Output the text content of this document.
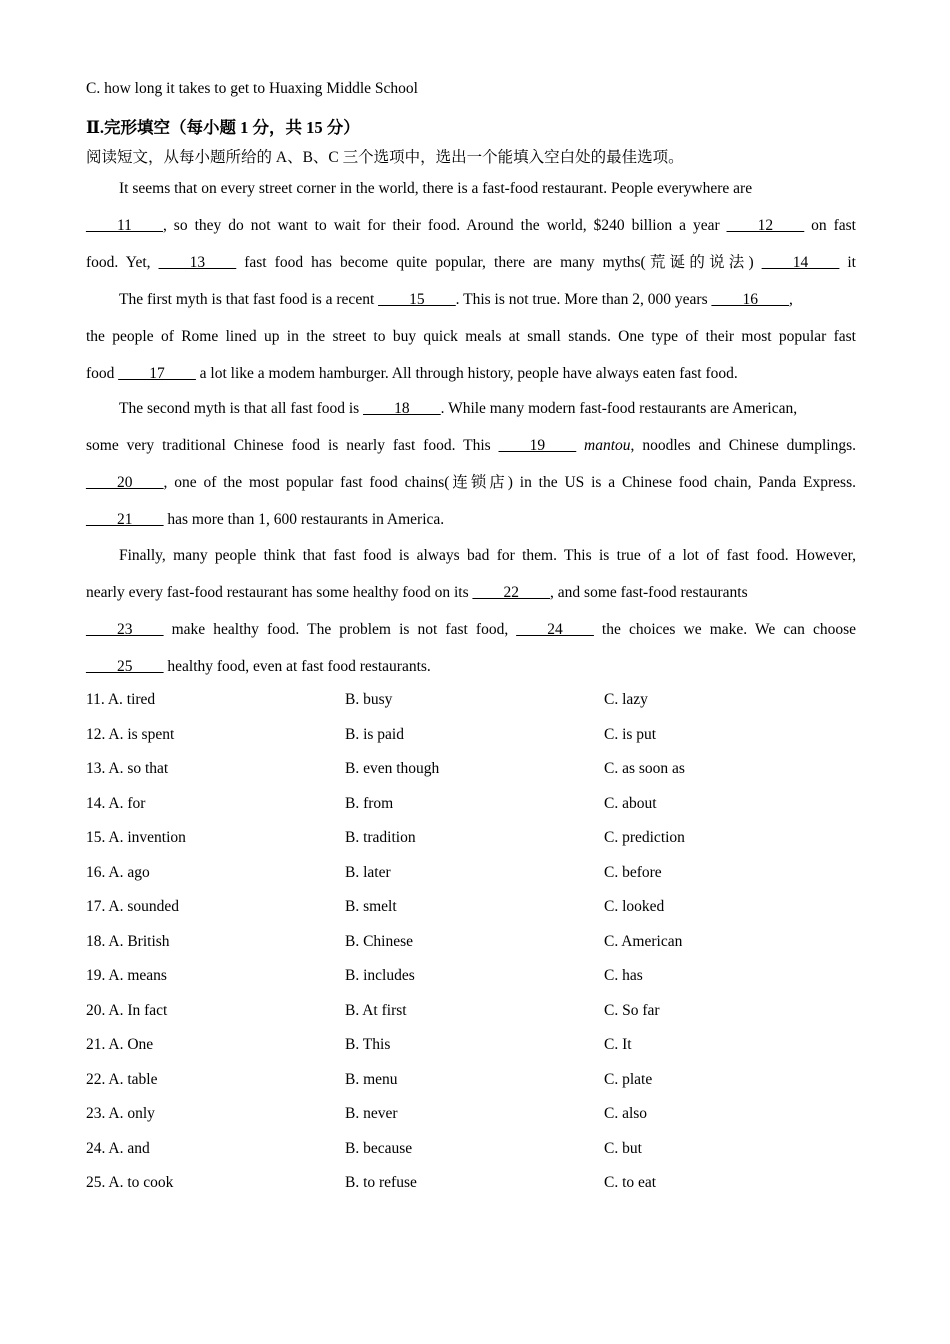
C. how long it takes to get to Huaxing Middle School
Ⅱ.完形填空（每小题 1 分，共 15 分）
阅读短文，从每小题所给的 A、B、C 三个选项中，选出一个能填入空白处的最佳选项。
It seems that on every street corner in the world, there is a fast-food restaurant. People everywhere are
____11____, so they do not want to wait for their food. Around the world, $240 billion a year ____12____ on fast
food. Yet, ____13____ fast food has become quite popular, there are many myths(荒诞的说法) ____14____ it
The first myth is that fast food is a recent ____15____. This is not true. More than 2, 000 years ____16____,
the people of Rome lined up in the street to buy quick meals at small stands. One type of their most popular fast
food ____17____ a lot like a modem hamburger. All through history, people have always eaten fast food.
The second myth is that all fast food is ____18____. While many modern fast-food restaurants are American,
some very traditional Chinese food is nearly fast food. This ____19____ mantou, noodles and Chinese dumplings.
____20____, one of the most popular fast food chains(连锁店) in the US is a Chinese food chain, Panda Express.
____21____ has more than 1, 600 restaurants in America.
Finally, many people think that fast food is always bad for them. This is true of a lot of fast food. However,
nearly every fast-food restaurant has some healthy food on its ____22____, and some fast-food restaurants
____23____ make healthy food. The problem is not fast food, ____24____ the choices we make. We can choose
____25____ healthy food, even at fast food restaurants.
11. A. tired	B. busy	C. lazy
12. A. is spent	B. is paid	C. is put
13. A. so that	B. even though	C. as soon as
14. A. for	B. from	C. about
15. A. invention	B. tradition	C. prediction
16. A. ago	B. later	C. before
17. A. sounded	B. smelt	C. looked
18. A. British	B. Chinese	C. American
19. A. means	B. includes	C. has
20. A. In fact	B. At first	C. So far
21. A. One	B. This	C. It
22. A. table	B. menu	C. plate
23. A. only	B. never	C. also
24. A. and	B. because	C. but
25. A. to cook	B. to refuse	C. to eat
